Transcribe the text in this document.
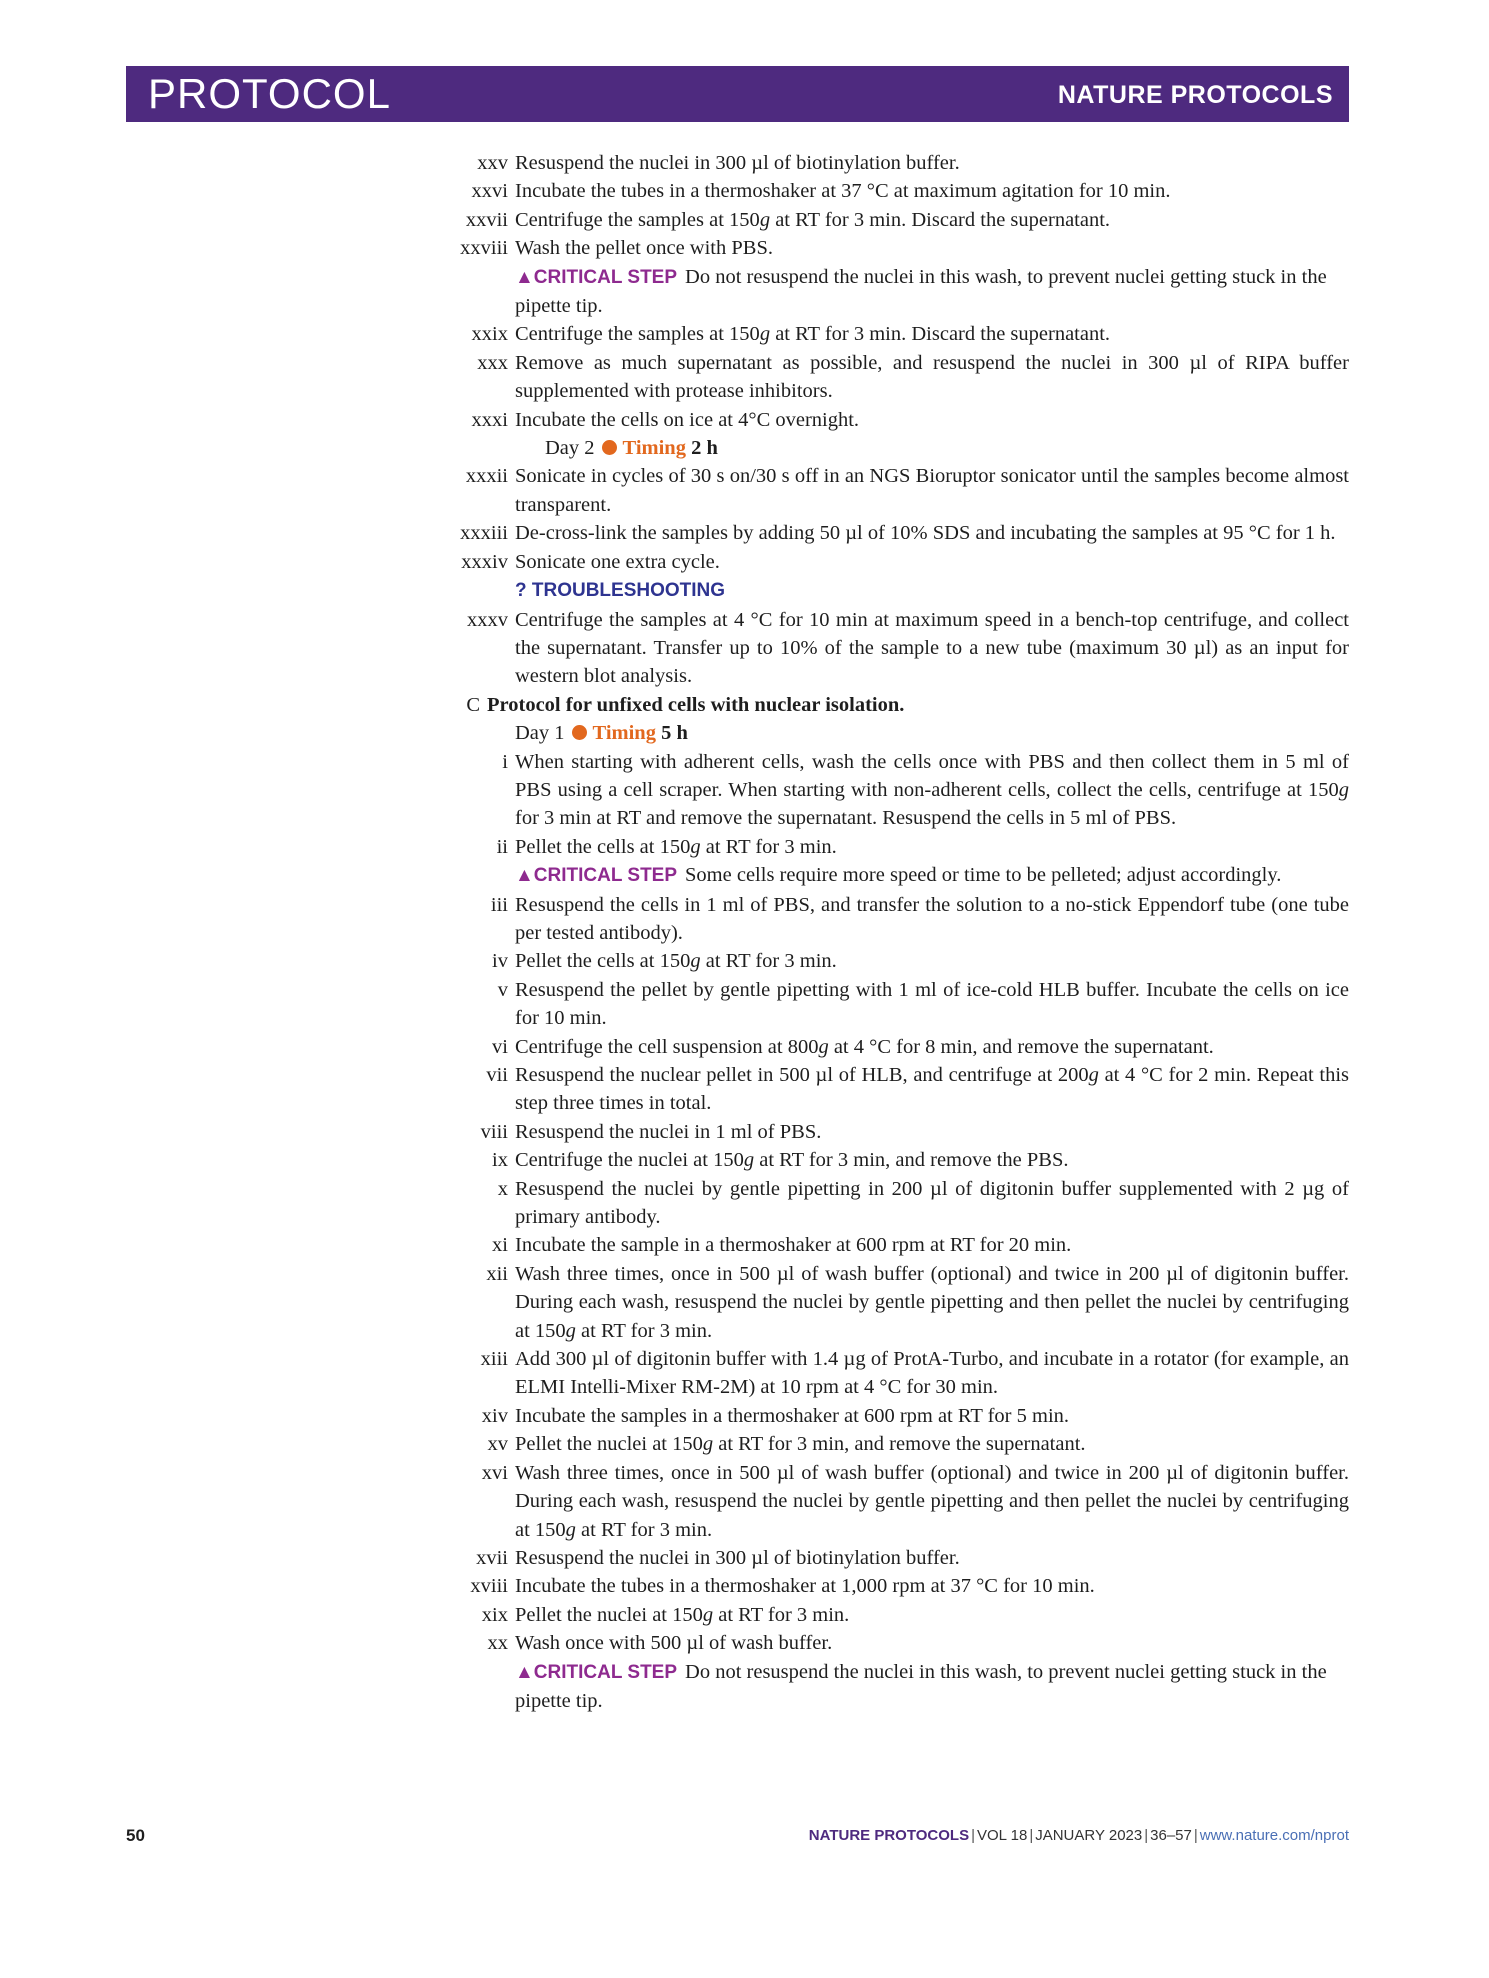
PROTOCOL	NATURE PROTOCOLS
xxv Resuspend the nuclei in 300 µl of biotinylation buffer.
xxvi Incubate the tubes in a thermoshaker at 37 °C at maximum agitation for 10 min.
xxvii Centrifuge the samples at 150g at RT for 3 min. Discard the supernatant.
xxviii Wash the pellet once with PBS.
▲CRITICAL STEP Do not resuspend the nuclei in this wash, to prevent nuclei getting stuck in the pipette tip.
xxix Centrifuge the samples at 150g at RT for 3 min. Discard the supernatant.
xxx Remove as much supernatant as possible, and resuspend the nuclei in 300 µl of RIPA buffer supplemented with protease inhibitors.
xxxi Incubate the cells on ice at 4°C overnight.
Day 2 Timing 2 h
xxxii Sonicate in cycles of 30 s on/30 s off in an NGS Bioruptor sonicator until the samples become almost transparent.
xxxiii De-cross-link the samples by adding 50 µl of 10% SDS and incubating the samples at 95 °C for 1 h.
xxxiv Sonicate one extra cycle.
? TROUBLESHOOTING
xxxv Centrifuge the samples at 4 °C for 10 min at maximum speed in a bench-top centrifuge, and collect the supernatant. Transfer up to 10% of the sample to a new tube (maximum 30 µl) as an input for western blot analysis.
C Protocol for unfixed cells with nuclear isolation.
Day 1 Timing 5 h
i When starting with adherent cells, wash the cells once with PBS and then collect them in 5 ml of PBS using a cell scraper. When starting with non-adherent cells, collect the cells, centrifuge at 150g for 3 min at RT and remove the supernatant. Resuspend the cells in 5 ml of PBS.
ii Pellet the cells at 150g at RT for 3 min.
▲CRITICAL STEP Some cells require more speed or time to be pelleted; adjust accordingly.
iii Resuspend the cells in 1 ml of PBS, and transfer the solution to a no-stick Eppendorf tube (one tube per tested antibody).
iv Pellet the cells at 150g at RT for 3 min.
v Resuspend the pellet by gentle pipetting with 1 ml of ice-cold HLB buffer. Incubate the cells on ice for 10 min.
vi Centrifuge the cell suspension at 800g at 4 °C for 8 min, and remove the supernatant.
vii Resuspend the nuclear pellet in 500 µl of HLB, and centrifuge at 200g at 4 °C for 2 min. Repeat this step three times in total.
viii Resuspend the nuclei in 1 ml of PBS.
ix Centrifuge the nuclei at 150g at RT for 3 min, and remove the PBS.
x Resuspend the nuclei by gentle pipetting in 200 µl of digitonin buffer supplemented with 2 µg of primary antibody.
xi Incubate the sample in a thermoshaker at 600 rpm at RT for 20 min.
xii Wash three times, once in 500 µl of wash buffer (optional) and twice in 200 µl of digitonin buffer. During each wash, resuspend the nuclei by gentle pipetting and then pellet the nuclei by centrifuging at 150g at RT for 3 min.
xiii Add 300 µl of digitonin buffer with 1.4 µg of ProtA-Turbo, and incubate in a rotator (for example, an ELMI Intelli-Mixer RM-2M) at 10 rpm at 4 °C for 30 min.
xiv Incubate the samples in a thermoshaker at 600 rpm at RT for 5 min.
xv Pellet the nuclei at 150g at RT for 3 min, and remove the supernatant.
xvi Wash three times, once in 500 µl of wash buffer (optional) and twice in 200 µl of digitonin buffer. During each wash, resuspend the nuclei by gentle pipetting and then pellet the nuclei by centrifuging at 150g at RT for 3 min.
xvii Resuspend the nuclei in 300 µl of biotinylation buffer.
xviii Incubate the tubes in a thermoshaker at 1,000 rpm at 37 °C for 10 min.
xix Pellet the nuclei at 150g at RT for 3 min.
xx Wash once with 500 µl of wash buffer.
▲CRITICAL STEP Do not resuspend the nuclei in this wash, to prevent nuclei getting stuck in the pipette tip.
50	NATURE PROTOCOLS | VOL 18 | JANUARY 2023 | 36–57 | www.nature.com/nprot
